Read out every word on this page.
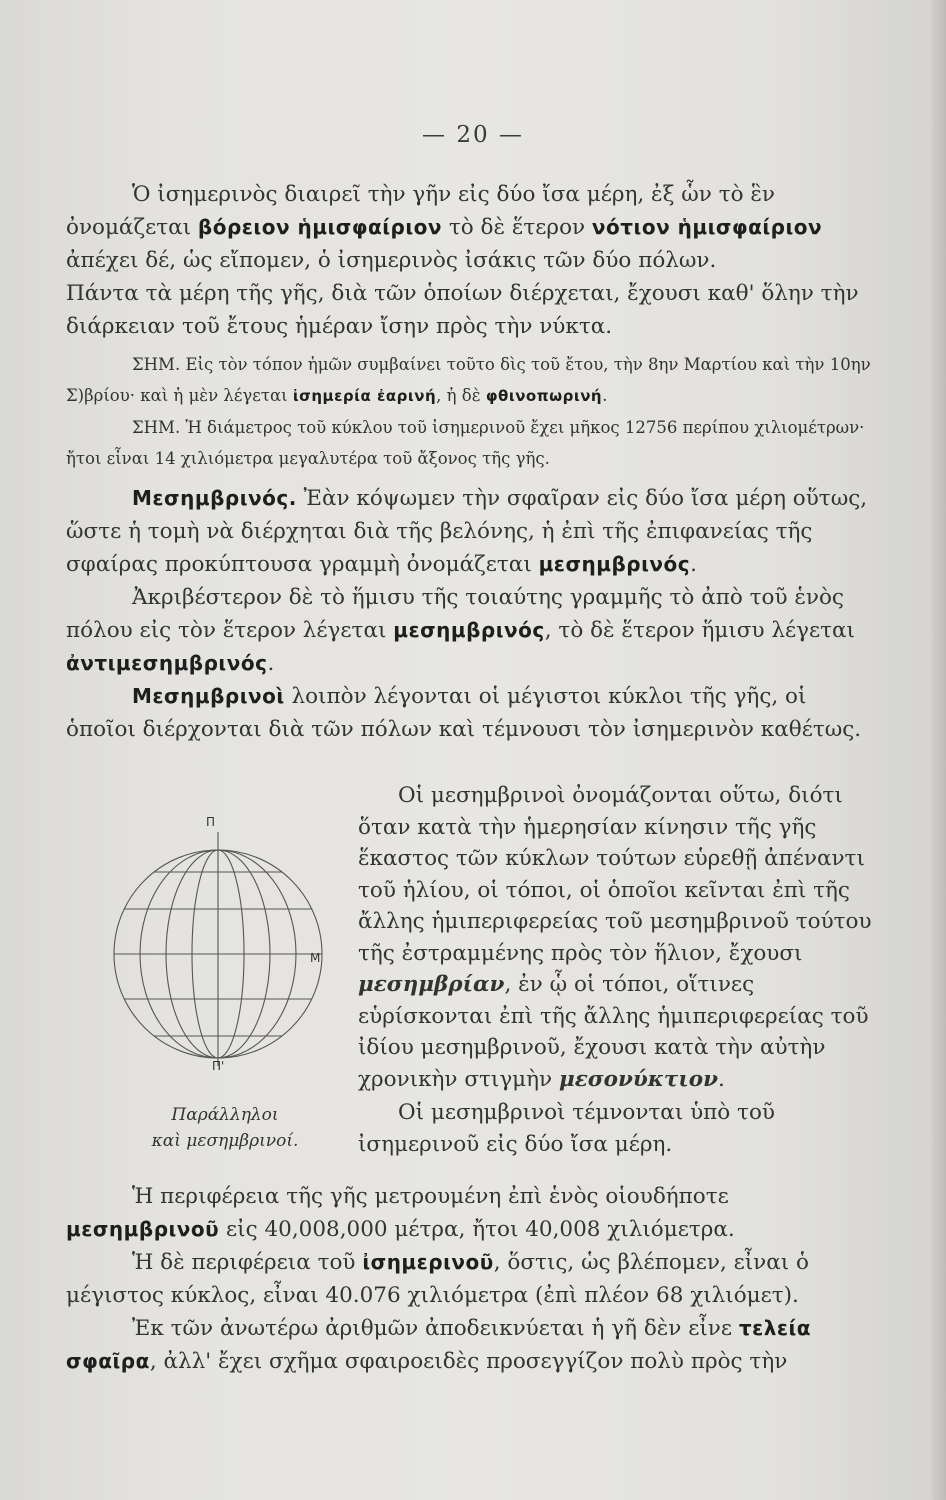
— 20 —

Ὁ ἰσημερινὸς διαιρεῖ τὴν γῆν εἰς δύο ἴσα μέρη, ἐξ ὧν τὸ ἓν ὀνομάζεται βόρειον ἡμισφαίριον τὸ δὲ ἕτερον νότιον ἡμισφαίριον ἀπέχει δέ, ὡς εἴπομεν, ὁ ἰσημερινὸς ἰσάκις τῶν δύο πόλων.

Πάντα τὰ μέρη τῆς γῆς, διὰ τῶν ὁποίων διέρχεται, ἔχουσι καθ' ὅλην τὴν διάρκειαν τοῦ ἔτους ἡμέραν ἴσην πρὸς τὴν νύκτα.

ΣΗΜ. Εἰς τὸν τόπον ἡμῶν συμβαίνει τοῦτο δὶς τοῦ ἔτου, τὴν 8ην Μαρτίου καὶ τὴν 10ην Σ)βρίου· καὶ ἡ μὲν λέγεται ἰσημερία ἐαρινή, ἡ δὲ φθινοπωρινή.

ΣΗΜ. Ἡ διάμετρος τοῦ κύκλου τοῦ ἰσημερινοῦ ἔχει μῆκος 12756 περίπου χιλιομέτρων· ἤτοι εἶναι 14 χιλιόμετρα μεγαλυτέρα τοῦ ἄξονος τῆς γῆς.

Μεσημβρινός. Ἐὰν κόψωμεν τὴν σφαῖραν εἰς δύο ἴσα μέρη οὕτως, ὥστε ἡ τομὴ νὰ διέρχηται διὰ τῆς βελόνης, ἡ ἐπὶ τῆς ἐπιφανείας τῆς σφαίρας προκύπτουσα γραμμὴ ὀνομάζεται μεσημβρινός.

Ἀκριβέστερον δὲ τὸ ἥμισυ τῆς τοιαύτης γραμμῆς τὸ ἀπὸ τοῦ ἑνὸς πόλου εἰς τὸν ἕτερον λέγεται μεσημβρινός, τὸ δὲ ἕτερον ἥμισυ λέγεται ἀντιμεσημβρινός.

Μεσημβρινοὶ λοιπὸν λέγονται οἱ μέγιστοι κύκλοι τῆς γῆς, οἱ ὁποῖοι διέρχονται διὰ τῶν πόλων καὶ τέμνουσι τὸν ἰσημερινὸν καθέτως.

Π
Μ
Π'
Παράλληλοι
καὶ μεσημβρινοί.

Οἱ μεσημβρινοὶ ὀνομάζονται οὕτω, διότι ὅταν κατὰ τὴν ἡμερησίαν κίνησιν τῆς γῆς ἕκαστος τῶν κύκλων τούτων εὑρεθῇ ἀπέναντι τοῦ ἡλίου, οἱ τόποι, οἱ ὁποῖοι κεῖνται ἐπὶ τῆς ἄλλης ἡμιπεριφερείας τοῦ μεσημβρινοῦ τούτου τῆς ἐστραμμένης πρὸς τὸν ἥλιον, ἔχουσι μεσημβρίαν, ἐν ᾧ οἱ τόποι, οἵτινες εὑρίσκονται ἐπὶ τῆς ἄλλης ἡμιπεριφερείας τοῦ ἰδίου μεσημβρινοῦ, ἔχουσι κατὰ τὴν αὐτὴν χρονικὴν στιγμὴν μεσονύκτιον.

Οἱ μεσημβρινοὶ τέμνονται ὑπὸ τοῦ ἰσημερινοῦ εἰς δύο ἴσα μέρη.

Ἡ περιφέρεια τῆς γῆς μετρουμένη ἐπὶ ἑνὸς οἱουδήποτε μεσημβρινοῦ εἰς 40,008,000 μέτρα, ἤτοι 40,008 χιλιόμετρα.

Ἡ δὲ περιφέρεια τοῦ ἰσημερινοῦ, ὅστις, ὡς βλέπομεν, εἶναι ὁ μέγιστος κύκλος, εἶναι 40.076 χιλιόμετρα (ἐπὶ πλέον 68 χιλιόμετ).

Ἐκ τῶν ἀνωτέρω ἀριθμῶν ἀποδεικνύεται ἡ γῆ δὲν εἶνε τελεία σφαῖρα, ἀλλ' ἔχει σχῆμα σφαιροειδὲς προσεγγίζον πολὺ πρὸς τὴν
